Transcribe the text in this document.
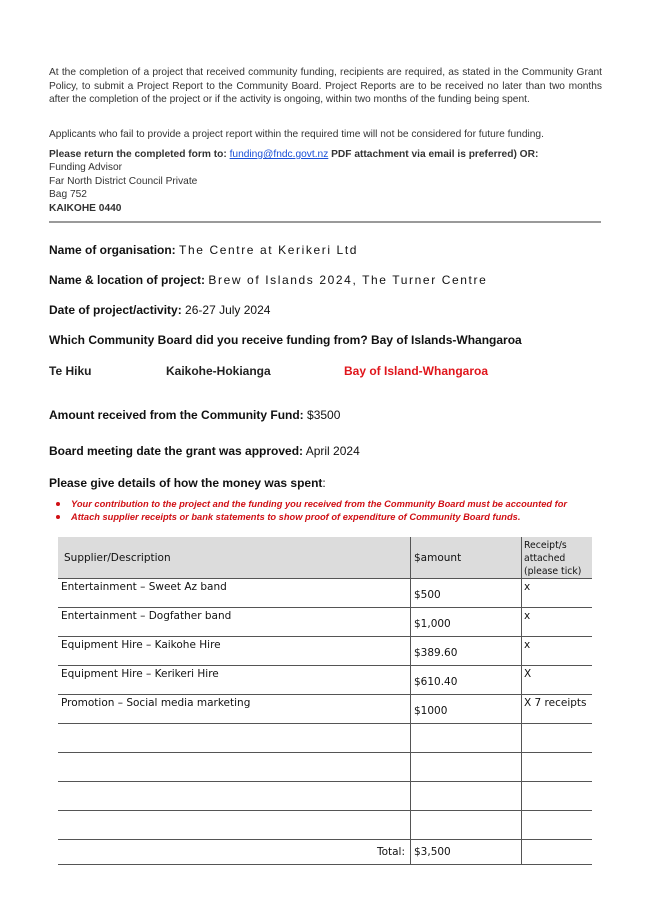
At the completion of a project that received community funding, recipients are required, as stated in the Community Grant Policy, to submit a Project Report to the Community Board. Project Reports are to be received no later than two months after the completion of the project or if the activity is ongoing, within two months of the funding being spent.
Applicants who fail to provide a project report within the required time will not be considered for future funding.
Please return the completed form to: funding@fndc.govt.nz PDF attachment via email is preferred) OR:
Funding Advisor
Far North District Council Private
Bag 752
KAIKOHE 0440
Name of organisation: The Centre at Kerikeri Ltd
Name & location of project: Brew of Islands 2024, The Turner Centre
Date of project/activity: 26-27 July 2024
Which Community Board did you receive funding from? Bay of Islands-Whangaroa
Te Hiku	Kaikohe-Hokianga	Bay of Island-Whangaroa
Amount received from the Community Fund: $3500
Board meeting date the grant was approved: April 2024
Please give details of how the money was spent:
Your contribution to the project and the funding you received from the Community Board must be accounted for
Attach supplier receipts or bank statements to show proof of expenditure of Community Board funds.
Supplier/Description	$amount	Receipt/s
attached
(please tick)

Entertainment – Sweet Az band	$500	x
Entertainment – Dogfather band	$1,000	x
Equipment Hire – Kaikohe Hire	$389.60	x
Equipment Hire – Kerikeri Hire	$610.40	X
Promotion – Social media marketing	$1000	X 7 receipts

Total:	$3,500	
